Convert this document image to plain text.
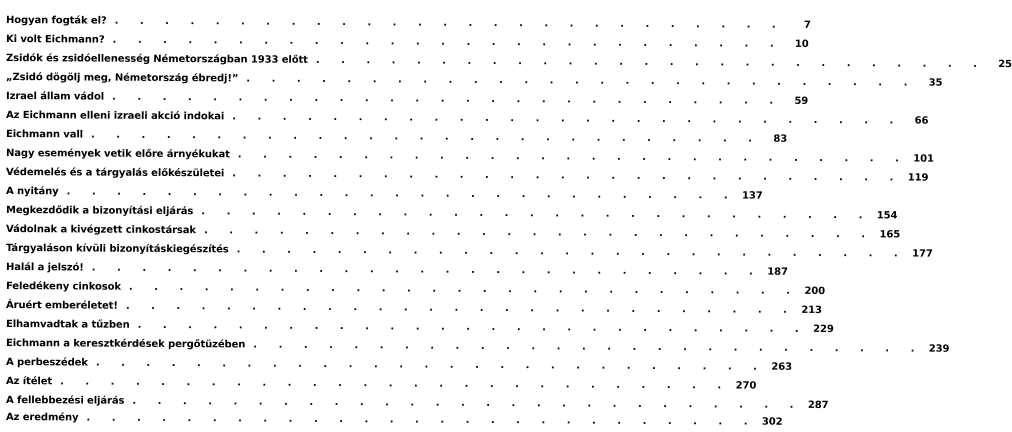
Hogyan fogták el? . . . . . . . . . . . . . . . . . . . . . . . . . . .	7
Ki volt Eichmann? . . . . . . . . . . . . . . . . . . . . . . . . . . .	10
Zsidók és zsidóellenesség Németországban 1933 előtt . . . . . . . . . . . . . . . . . . . . . . . . . . .	25
„Zsidó dögölj meg, Németország ébredj!” . . . . . . . . . . . . . . . . . . . . . . . . . . .	35
Izrael állam vádol . . . . . . . . . . . . . . . . . . . . . . . . . . .	59
Az Eichmann elleni izraeli akció indokai . . . . . . . . . . . . . . . . . . . . . . . . . . .	66
Eichmann vall . . . . . . . . . . . . . . . . . . . . . . . . . . .	83
Nagy események vetik előre árnyékukat . . . . . . . . . . . . . . . . . . . . . . . . . . . 101
Védemelés és a tárgyalás előkészületei . . . . . . . . . . . . . . . . . . . . . . . . . . . 119
A nyitány . . . . . . . . . . . . . . . . . . . . . . . . . . . 137
Megkezdődik a bizonyítási eljárás . . . . . . . . . . . . . . . . . . . . . . . . . . . 154
Vádolnak a kivégzett cinkostársak . . . . . . . . . . . . . . . . . . . . . . . . . . . 165
Tárgyaláson kívüli bizonyításkiegészítés . . . . . . . . . . . . . . . . . . . . . . . . . . . 177
Halál a jelszó! . . . . . . . . . . . . . . . . . . . . . . . . . . . 187
Feledékeny cinkosok . . . . . . . . . . . . . . . . . . . . . . . . . . . 200
Áruért emberéletet! . . . . . . . . . . . . . . . . . . . . . . . . . . . 213
Elhamvadtak a tűzben . . . . . . . . . . . . . . . . . . . . . . . . . . . 229
Eichmann a keresztkérdések pergőtüzében . . . . . . . . . . . . . . . . . . . . . . . . . . . 239
A perbeszédek . . . . . . . . . . . . . . . . . . . . . . . . . . . 263
Az ítélet . . . . . . . . . . . . . . . . . . . . . . . . . . . 270
A fellebbezési eljárás . . . . . . . . . . . . . . . . . . . . . . . . . . . 287
Az eredmény . . . . . . . . . . . . . . . . . . . . . . . . . . . 302
